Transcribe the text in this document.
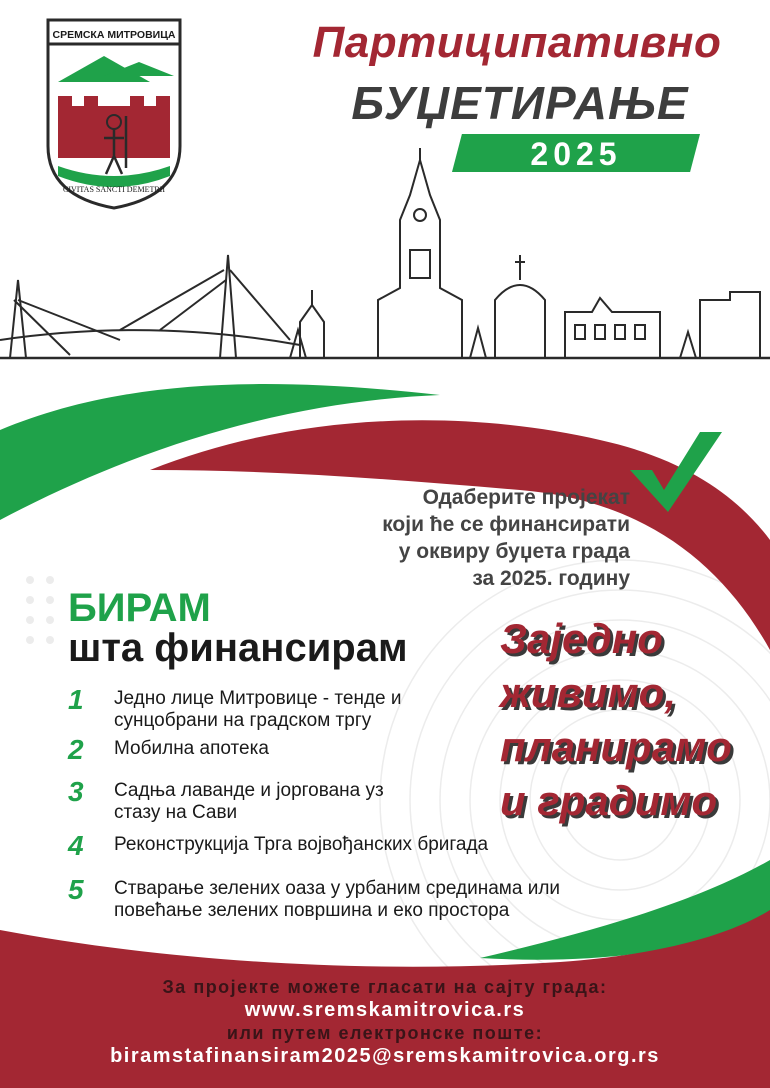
СРЕМСКА МИТРОВИЦА
CIVITAS SANCTI DEMETRII
Партиципативно
БУЏЕТИРАЊЕ
2025
Одаберите пројекат
који ће се финансирати
у оквиру буџета града
за 2025. годину
БИРАМ
шта финансирам Заједно
живимо,
планирамо
и градимо
1	Једно лице Митровице - тенде и
сунцобрани на градском тргу
2	Мобилна апотека
3	Садња лаванде и јоргована уз
стазу на Сави
4	Реконструкција Трга војвођанских бригада
5	Стварање зелених оаза у урбаним срединама или
повећање зелених површина и еко простора
За пројекте можете гласати на сајту града:
www.sremskamitrovica.rs
или путем електронске поште:
biramstafinansiram2025@sremskamitrovica.org.rs
